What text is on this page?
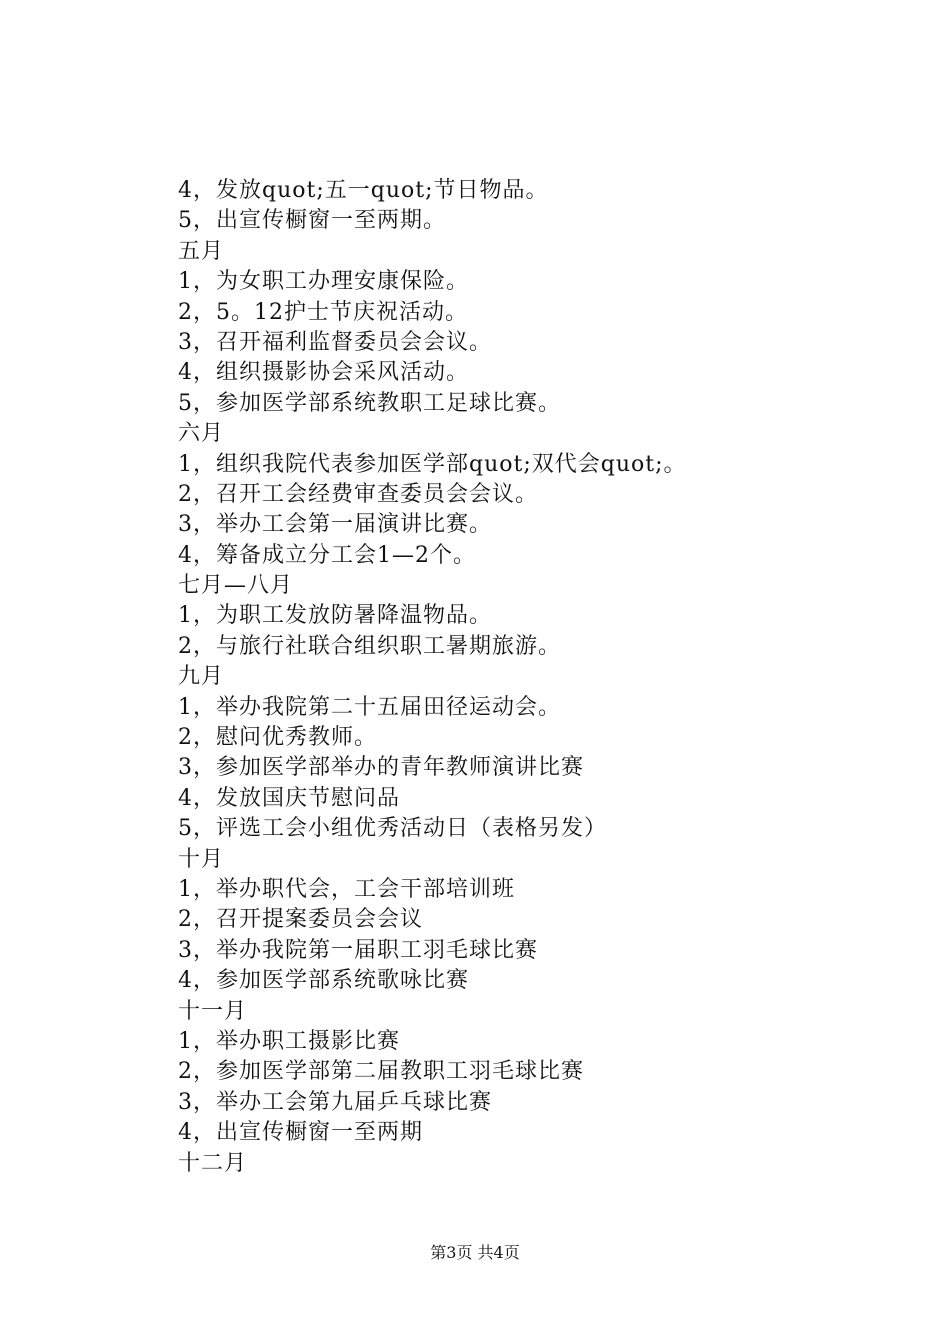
4，发放quot;五一quot;节日物品。
5，出宣传橱窗一至两期。
五月
1，为女职工办理安康保险。
2，5。12护士节庆祝活动。
3，召开福利监督委员会会议。
4，组织摄影协会采风活动。
5，参加医学部系统教职工足球比赛。
六月
1，组织我院代表参加医学部quot;双代会quot;。
2，召开工会经费审查委员会会议。
3，举办工会第一届演讲比赛。
4，筹备成立分工会1—2个。
七月—八月
1，为职工发放防暑降温物品。
2，与旅行社联合组织职工暑期旅游。
九月
1，举办我院第二十五届田径运动会。
2，慰问优秀教师。
3，参加医学部举办的青年教师演讲比赛
4，发放国庆节慰问品
5，评选工会小组优秀活动日（表格另发）
十月
1，举办职代会，工会干部培训班
2，召开提案委员会会议
3，举办我院第一届职工羽毛球比赛
4，参加医学部系统歌咏比赛
十一月
1，举办职工摄影比赛
2，参加医学部第二届教职工羽毛球比赛
3，举办工会第九届乒乓球比赛
4，出宣传橱窗一至两期
十二月
第3页 共4页
